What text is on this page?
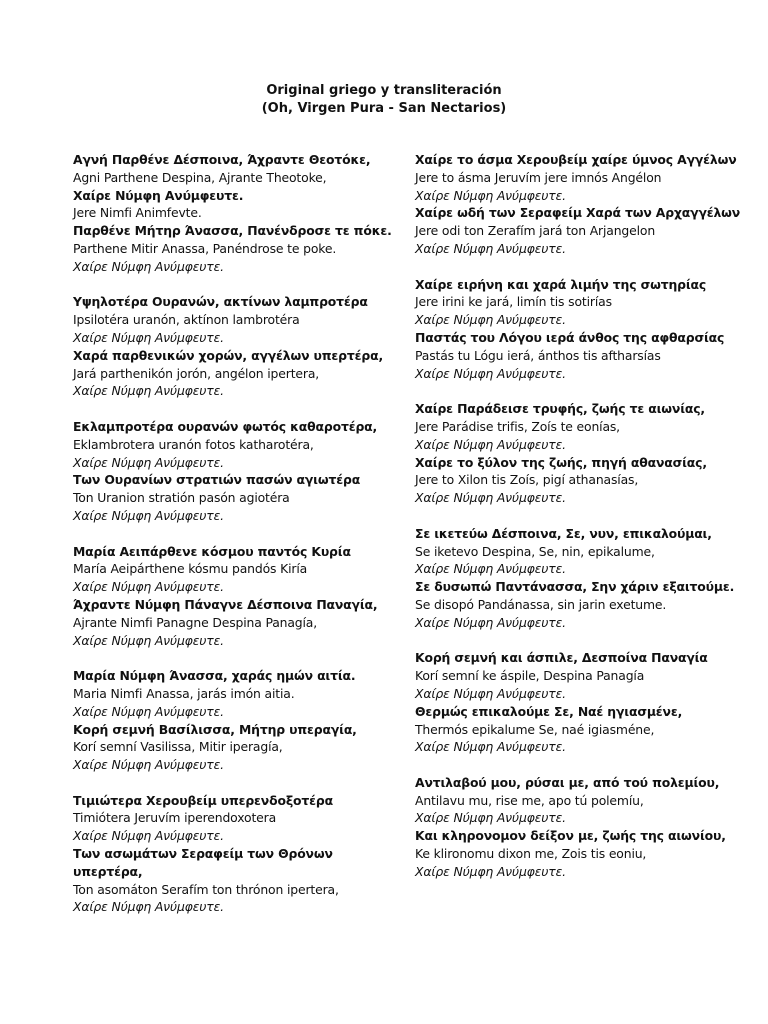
Original griego y transliteración
(Oh, Virgen Pura - San Nectarios)
Αγνή Παρθένε Δέσποινα, Άχραντε Θεοτόκε,
Agni Parthene Despina, Ajrante Theotoke,
Χαίρε Νύμφη Ανύμφευτε.
Jere Nimfi Animfevte.
Παρθένε Μήτηρ Άνασσα, Πανένδροσε τε πόκε.
Parthene Mitir Anassa, Panéndrose te poke.
Χαίρε Νύμφη Ανύμφευτε.
Υψηλοτέρα Ουρανών, ακτίνων λαμπροτέρα
Ipsilotéra uranón, aktínon lambrotéra
Χαίρε Νύμφη Ανύμφευτε.
Χαρά παρθενικών χορών, αγγέλων υπερτέρα,
Jará parthenikón jorón, angélon ipertera,
Χαίρε Νύμφη Ανύμφευτε.
Εκλαμπροτέρα ουρανών φωτός καθαροτέρα,
Eklambrotera uranón fotos katharotéra,
Χαίρε Νύμφη Ανύμφευτε.
Των Ουρανίων στρατιών πασών αγιωτέρα
Ton Uranion stratión pasón agiotéra
Χαίρε Νύμφη Ανύμφευτε.
Μαρία Αειπάρθενε κόσμου παντός Κυρία
María Aeipárthene kósmu pandós Kiría
Χαίρε Νύμφη Ανύμφευτε.
Άχραντε Νύμφη Πάναγνε Δέσποινα Παναγία,
Ajrante Nimfi Panagne Despina Panagía,
Χαίρε Νύμφη Ανύμφευτε.
Μαρία Νύμφη Άνασσα, χαράς ημών αιτία.
Maria Nimfi Anassa, jarás imón aitia.
Χαίρε Νύμφη Ανύμφευτε.
Κορή σεμνή Βασίλισσα, Μήτηρ υπεραγία,
Korí semní Vasilissa, Mitir iperagía,
Χαίρε Νύμφη Ανύμφευτε.
Τιμιώτερα Χερουβείμ υπερενδοξοτέρα
Timiótera Jeruvím iperendoxotera
Χαίρε Νύμφη Ανύμφευτε.
Των ασωμάτων Σεραφείμ των Θρόνων
υπερτέρα,
Ton asomáton Serafím ton thrónon ipertera,
Χαίρε Νύμφη Ανύμφευτε.
Χαίρε το άσμα Χερουβείμ χαίρε ύμνος Αγγέλων
Jere to ásma Jeruvím jere imnós Angélon
Χαίρε Νύμφη Ανύμφευτε.
Χαίρε ωδή των Σεραφείμ Χαρά των Αρχαγγέλων
Jere odi ton Zerafím jará ton Arjangelon
Χαίρε Νύμφη Ανύμφευτε.
Χαίρε ειρήνη και χαρά λιμήν της σωτηρίας
Jere irini ke jará, limín tis sotirías
Χαίρε Νύμφη Ανύμφευτε.
Παστάς του Λόγου ιερά άνθος της αφθαρσίας
Pastás tu Lógu ierá, ánthos tis aftharsías
Χαίρε Νύμφη Ανύμφευτε.
Χαίρε Παράδεισε τρυφής, ζωής τε αιωνίας,
Jere Parádise trifis, Zoís te eonías,
Χαίρε Νύμφη Ανύμφευτε.
Χαίρε το ξύλον της ζωής, πηγή αθανασίας,
Jere to Xilon tis Zoís, pigí athanasías,
Χαίρε Νύμφη Ανύμφευτε.
Σε ικετεύω Δέσποινα, Σε, νυν, επικαλούμαι,
Se iketevo Despina, Se, nin, epikalume,
Χαίρε Νύμφη Ανύμφευτε.
Σε δυσωπώ Παντάνασσα, Σην χάριν εξαιτούμε.
Se disopó Pandánassa, sin jarin exetume.
Χαίρε Νύμφη Ανύμφευτε.
Κορή σεμνή και άσπιλε, Δεσποίνα Παναγία
Korí semní ke áspile, Despina Panagía
Χαίρε Νύμφη Ανύμφευτε.
Θερμώς επικαλούμε Σε, Ναέ ηγιασμένε,
Thermós epikalume Se, naé igiasméne,
Χαίρε Νύμφη Ανύμφευτε.
Αντιλαβού μου, ρύσαι με, από τού πολεμίου,
Antilavu mu, rise me, apo tú polemíu,
Χαίρε Νύμφη Ανύμφευτε.
Και κληρονομον δείξον με, ζωής της αιωνίου,
Ke klironomu dixon me, Zois tis eoniu,
Χαίρε Νύμφη Ανύμφευτε.
